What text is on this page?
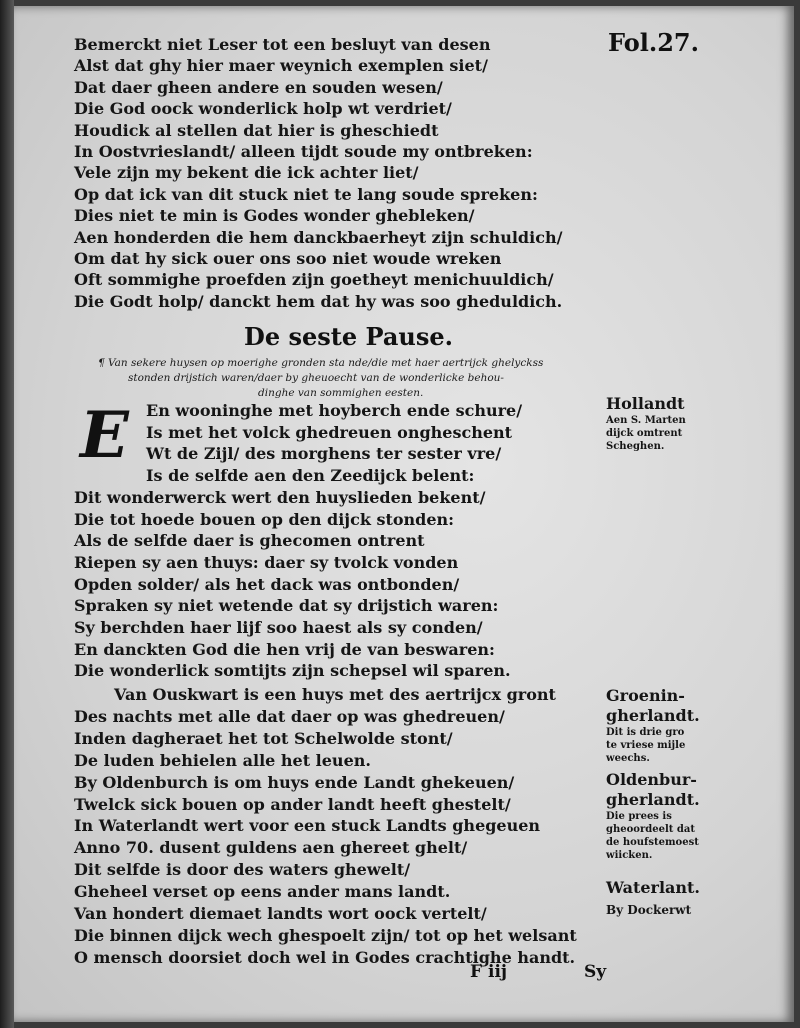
Fol.27.
Bemerckt niet Leser tot een besluyt van desen
Alst dat ghy hier maer weynich exemplen siet/
Dat daer gheen andere en souden wesen/
Die God oock wonderlick holp wt verdriet/
Houdick al stellen dat hier is gheschiedt
In Oostvrieslandt/ alleen tijdt soude my ontbreken:
Vele zijn my bekent die ick achter liet/
Op dat ick van dit stuck niet te lang soude spreken:
Dies niet te min is Godes wonder ghebleken/
Aen honderden die hem danckbaerheyt zijn schuldich/
Om dat hy sick ouer ons soo niet woude wreken
Oft sommighe proefden zijn goetheyt menichuuldich/
Die Godt holp/ danckt hem dat hy was soo gheduldich.
De seste Pause.
¶ Van sekere huysen op moerighe gronden sta nde/die met haer aertrijck ghelyckss
stonden drijstich waren/daer by gheuoecht van de wonderlicke behou-
dinghe van sommighen eesten.
E	En wooninghe met hoyberch ende schure/
Is met het volck ghedreuen ongheschent
Wt de Zijl/ des morghens ter sester vre/
Is de selfde aen den Zeedijck belent:
Dit wonderwerck wert den huyslieden bekent/
Die tot hoede bouen op den dijck stonden:
Als de selfde daer is ghecomen ontrent
Riepen sy aen thuys: daer sy tvolck vonden
Opden solder/ als het dack was ontbonden/
Spraken sy niet wetende dat sy drijstich waren:
Sy berchden haer lijf soo haest als sy conden/
En danckten God die hen vrij de van beswaren:
Die wonderlick somtijts zijn schepsel wil sparen.
Van Ouskwart is een huys met des aertrijcx gront
Des nachts met alle dat daer op was ghedreuen/
Inden dagheraet het tot Schelwolde stont/
De luden behielen alle het leuen.
By Oldenburch is om huys ende Landt ghekeuen/
Twelck sick bouen op ander landt heeft ghestelt/
In Waterlandt wert voor een stuck Landts ghegeuen
Anno 70. dusent guldens aen ghereet ghelt/
Dit selfde is door des waters ghewelt/
Gheheel verset op eens ander mans landt.
Van hondert diemaet landts wort oock vertelt/
Die binnen dijck wech ghespoelt zijn/ tot op het welsant
O mensch doorsiet doch wel in Godes crachtighe handt.
Hollandt
Aen S. Marten
dijck omtrent
Scheghen.
Groenin-
gherlandt.
Dit is drie gro
te vriese mijle
weechs.
Oldenbur-
gherlandt.
Die prees is
gheoordeelt dat
de houfstemoest
wiicken.
Waterlant.
By Dockerwt
F iij	Sy
